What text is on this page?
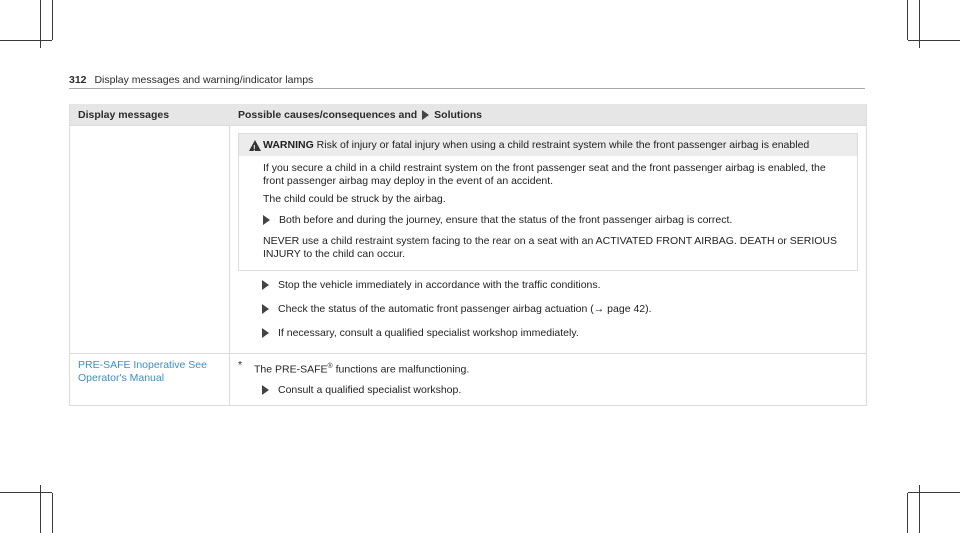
312 Display messages and warning/indicator lamps
Display messages	Possible causes/consequences and Solutions
!
WARNING Risk of injury or fatal injury when using a child restraint system while the front passenger airbag is enabled

If you secure a child in a child restraint system on the front passenger seat and the front passenger airbag is enabled, the front passenger airbag may deploy in the event of an accident.

The child could be struck by the airbag.

Both before and during the journey, ensure that the status of the front passenger airbag is correct.

NEVER use a child restraint system facing to the rear on a seat with an ACTIVATED FRONT AIRBAG. DEATH or SERIOUS INJURY to the child can occur.

Stop the vehicle immediately in accordance with the traffic conditions.
Check the status of the automatic front passenger airbag actuation (→ page 42).
If necessary, consult a qualified specialist workshop immediately.
PRE-SAFE Inoperative See Operator's Manual
* The PRE-SAFE® functions are malfunctioning.
Consult a qualified specialist workshop.
